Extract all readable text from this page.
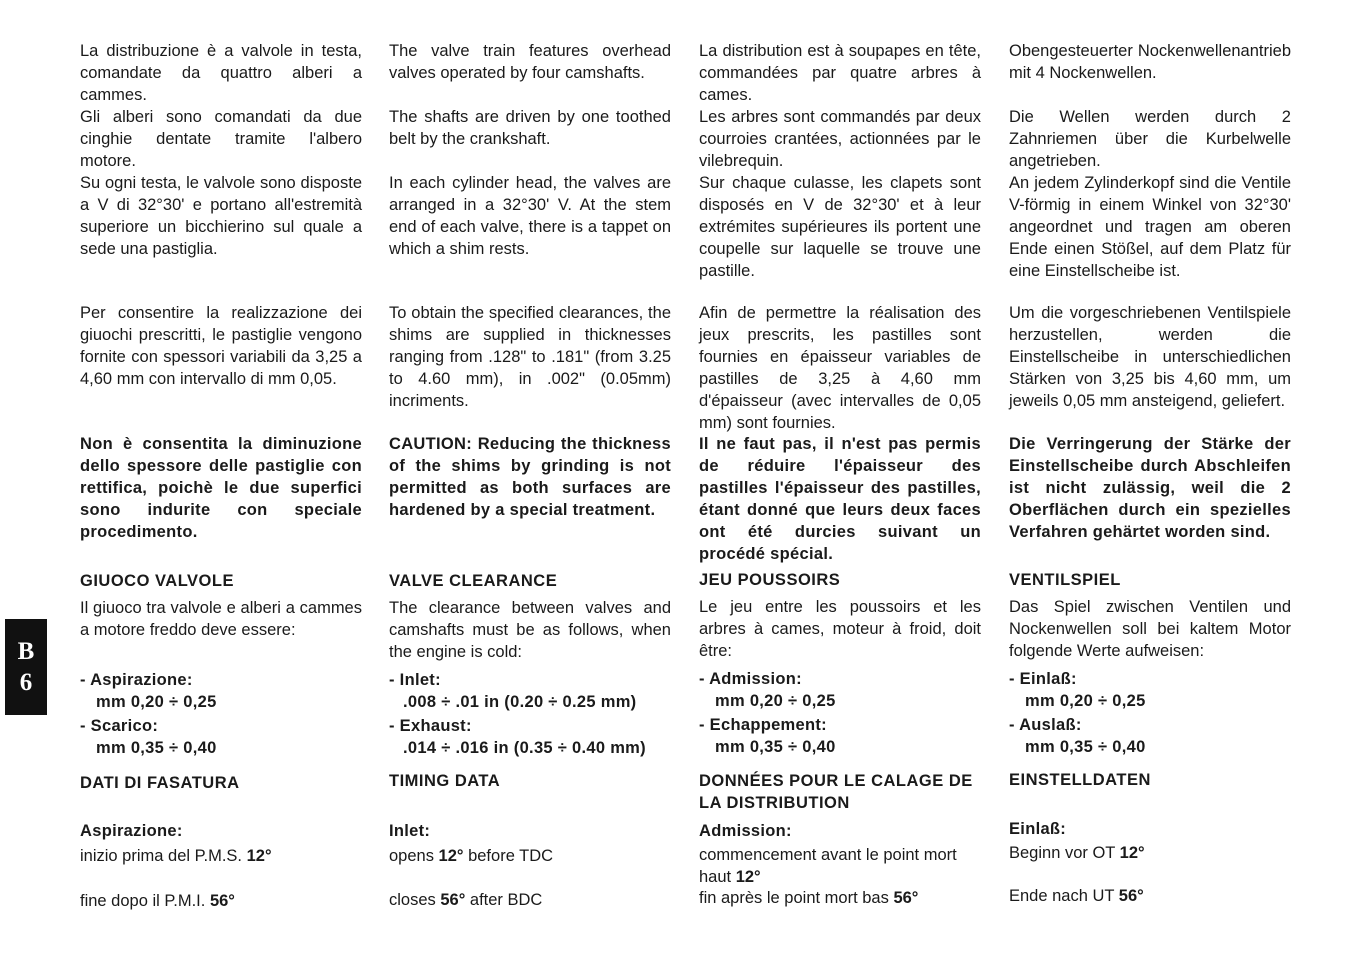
La distribuzione è a valvole in testa, comandate da quattro alberi a cammes.

Gli alberi sono comandati da due cinghie dentate tramite l'albero motore.

Su ogni testa, le valvole sono disposte a V di 32°30' e portano all'estremità superiore un bicchierino sul quale a sede una pastiglia.

Per consentire la realizzazione dei giuochi prescritti, le pastiglie vengono fornite con spessori variabili da 3,25 a 4,60 mm con intervallo di mm 0,05.

Non è consentita la diminuzione dello spessore delle pastiglie con rettifica, poichè le due superfici sono indurite con speciale procedimento.

GIUOCO VALVOLE

Il giuoco tra valvole e alberi a cammes a motore freddo deve essere:

- Aspirazione:

mm 0,20 ÷ 0,25

- Scarico:

mm 0,35 ÷ 0,40

DATI DI FASATURA

Aspirazione:

inizio prima del P.M.S. 12°

fine dopo il P.M.I. 56°

The valve train features overhead valves operated by four camshafts.

The shafts are driven by one toothed belt by the crankshaft.

In each cylinder head, the valves are arranged in a 32°30' V. At the stem end of each valve, there is a tappet on which a shim rests.

To obtain the specified clearances, the shims are supplied in thicknesses ranging from .128" to .181" (from 3.25 to 4.60 mm), in .002" (0.05mm) incriments.

CAUTION: Reducing the thickness of the shims by grinding is not permitted as both surfaces are hardened by a special treatment.

VALVE CLEARANCE

The clearance between valves and camshafts must be as follows, when the engine is cold:

- Inlet:

.008 ÷ .01 in (0.20 ÷ 0.25 mm)

- Exhaust:

.014 ÷ .016 in (0.35 ÷ 0.40 mm)

TIMING DATA

Inlet:

opens 12° before TDC

closes 56° after BDC

La distribution est à soupapes en tête, commandées par quatre arbres à cames.

Les arbres sont commandés par deux courroies crantées, actionnées par le vilebrequin.

Sur chaque culasse, les clapets sont disposés en V de 32°30' et à leur extrémites supérieures ils portent une coupelle sur laquelle se trouve une pastille.

Afin de permettre la réalisation des jeux prescrits, les pastilles sont fournies en épaisseur variables de pastilles de 3,25 à 4,60 mm d'épaisseur (avec intervalles de 0,05 mm) sont fournies.

Il ne faut pas, il n'est pas permis de réduire l'épaisseur des pastilles l'épaisseur des pastilles, étant donné que leurs deux faces ont été durcies suivant un procédé spécial.

JEU POUSSOIRS

Le jeu entre les poussoirs et les arbres à cames, moteur à froid, doit être:

- Admission:

mm 0,20 ÷ 0,25

- Echappement:

mm 0,35 ÷ 0,40

DONNÉES POUR LE CALAGE DE LA DISTRIBUTION

Admission:

commencement avant le point mort haut 12°

fin après le point mort bas 56°

Obengesteuerter Nockenwellenantrieb mit 4 Nockenwellen.

Die Wellen werden durch 2 Zahnriemen über die Kurbelwelle angetrieben.

An jedem Zylinderkopf sind die Ventile V-förmig in einem Winkel von 32°30' angeordnet und tragen am oberen Ende einen Stößel, auf dem Platz für eine Einstellscheibe ist.

Um die vorgeschriebenen Ventilspiele herzustellen, werden die Einstellscheibe in unterschiedlichen Stärken von 3,25 bis 4,60 mm, um jeweils 0,05 mm ansteigend, geliefert.

Die Verringerung der Stärke der Einstellscheibe durch Abschleifen ist nicht zulässig, weil die 2 Oberflächen durch ein spezielles Verfahren gehärtet worden sind.

VENTILSPIEL

Das Spiel zwischen Ventilen und Nockenwellen soll bei kaltem Motor folgende Werte aufweisen:

- Einlaß:

mm 0,20 ÷ 0,25

- Auslaß:

mm 0,35 ÷ 0,40

EINSTELLDATEN

Einlaß:

Beginn vor OT 12°

Ende nach UT 56°

B
6
